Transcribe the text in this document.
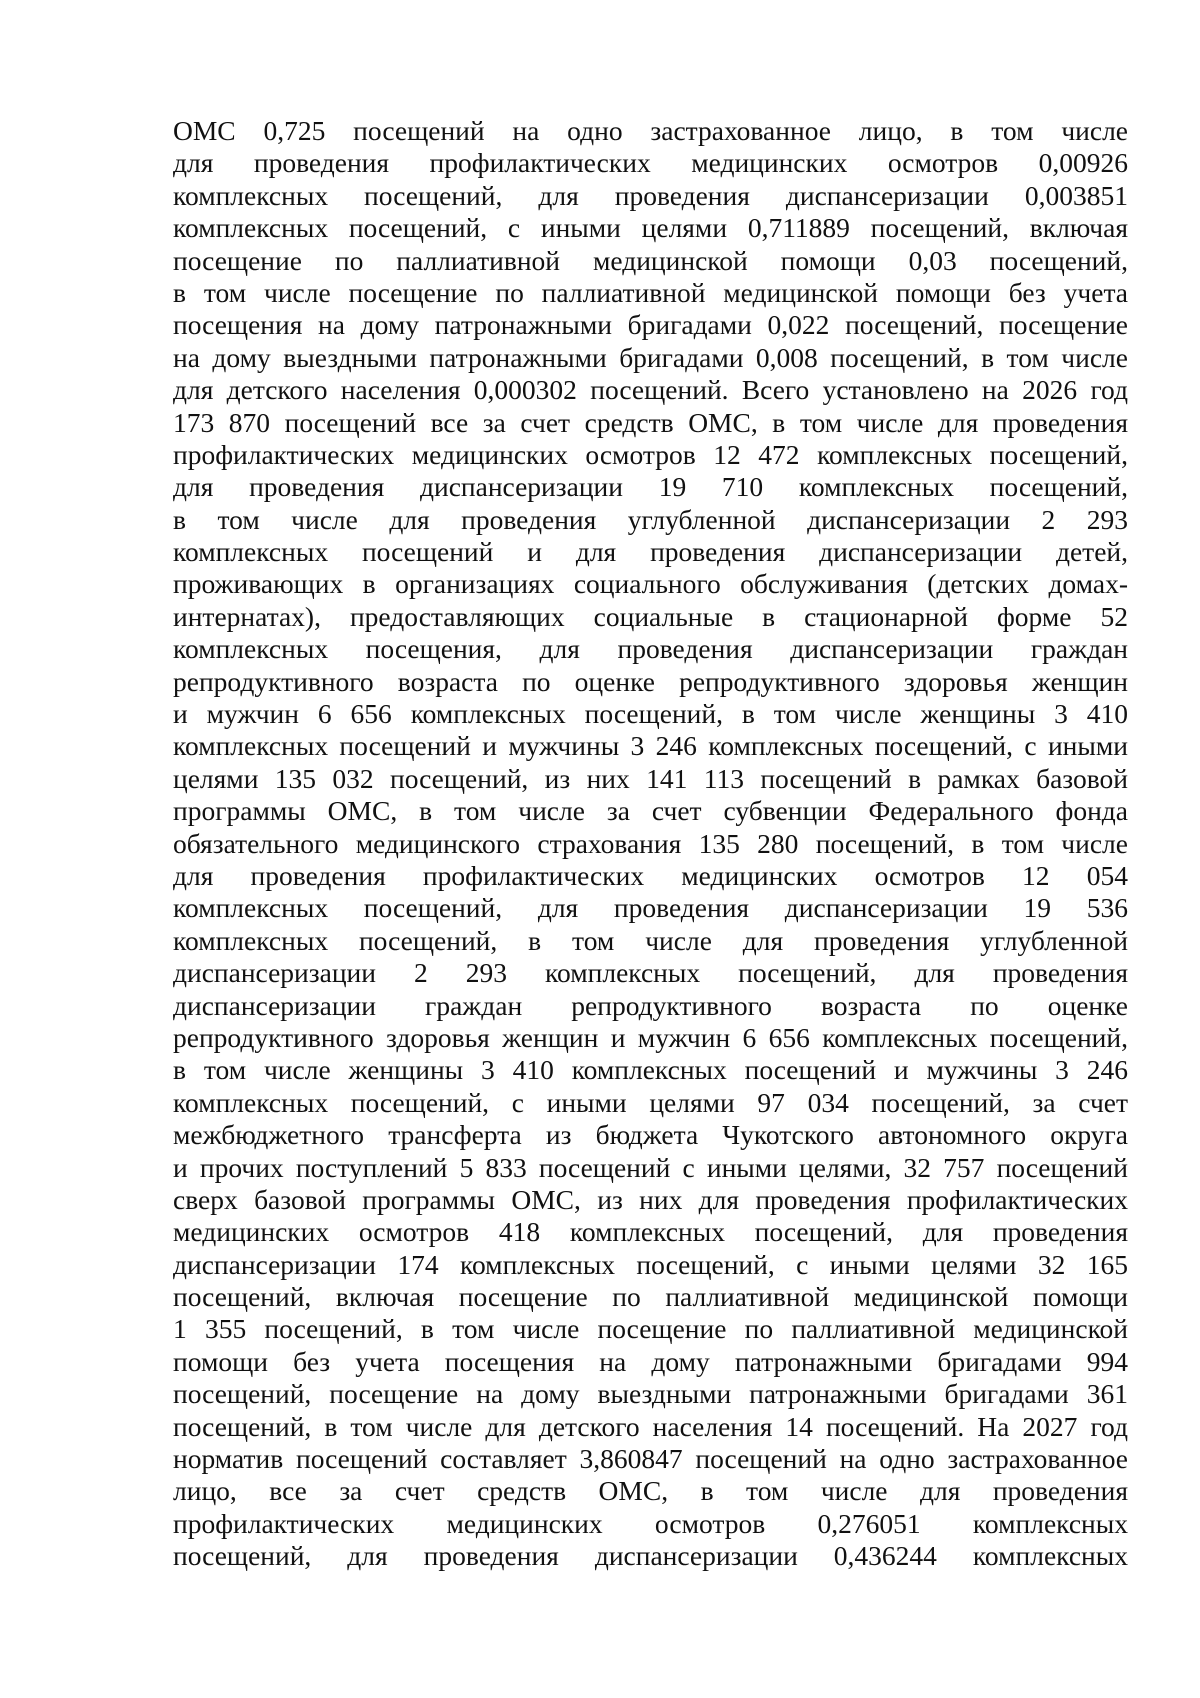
ОМС 0,725 посещений на одно застрахованное лицо, в том числе
для проведения профилактических медицинских осмотров 0,00926
комплексных посещений, для проведения диспансеризации 0,003851
комплексных посещений, с иными целями 0,711889 посещений, включая
посещение по паллиативной медицинской помощи 0,03 посещений,
в том числе посещение по паллиативной медицинской помощи без учета
посещения на дому патронажными бригадами 0,022 посещений, посещение
на дому выездными патронажными бригадами 0,008 посещений, в том числе
для детского населения 0,000302 посещений. Всего установлено на 2026 год
173 870 посещений все за счет средств ОМС, в том числе для проведения
профилактических медицинских осмотров 12 472 комплексных посещений,
для проведения диспансеризации 19 710 комплексных посещений,
в том числе для проведения углубленной диспансеризации 2 293
комплексных посещений и для проведения диспансеризации детей,
проживающих в организациях социального обслуживания (детских домах-
интернатах), предоставляющих социальные в стационарной форме 52
комплексных посещения, для проведения диспансеризации граждан
репродуктивного возраста по оценке репродуктивного здоровья женщин
и мужчин 6 656 комплексных посещений, в том числе женщины 3 410
комплексных посещений и мужчины 3 246 комплексных посещений, с иными
целями 135 032 посещений, из них 141 113 посещений в рамках базовой
программы ОМС, в том числе за счет субвенции Федерального фонда
обязательного медицинского страхования 135 280 посещений, в том числе
для проведения профилактических медицинских осмотров 12 054
комплексных посещений, для проведения диспансеризации 19 536
комплексных посещений, в том числе для проведения углубленной
диспансеризации 2 293 комплексных посещений, для проведения
диспансеризации граждан репродуктивного возраста по оценке
репродуктивного здоровья женщин и мужчин 6 656 комплексных посещений,
в том числе женщины 3 410 комплексных посещений и мужчины 3 246
комплексных посещений, с иными целями 97 034 посещений, за счет
межбюджетного трансферта из бюджета Чукотского автономного округа
и прочих поступлений 5 833 посещений с иными целями, 32 757 посещений
сверх базовой программы ОМС, из них для проведения профилактических
медицинских осмотров 418 комплексных посещений, для проведения
диспансеризации 174 комплексных посещений, с иными целями 32 165
посещений, включая посещение по паллиативной медицинской помощи
1 355 посещений, в том числе посещение по паллиативной медицинской
помощи без учета посещения на дому патронажными бригадами 994
посещений, посещение на дому выездными патронажными бригадами 361
посещений, в том числе для детского населения 14 посещений. На 2027 год
норматив посещений составляет 3,860847 посещений на одно застрахованное
лицо, все за счет средств ОМС, в том числе для проведения
профилактических медицинских осмотров 0,276051 комплексных
посещений, для проведения диспансеризации 0,436244 комплексных
